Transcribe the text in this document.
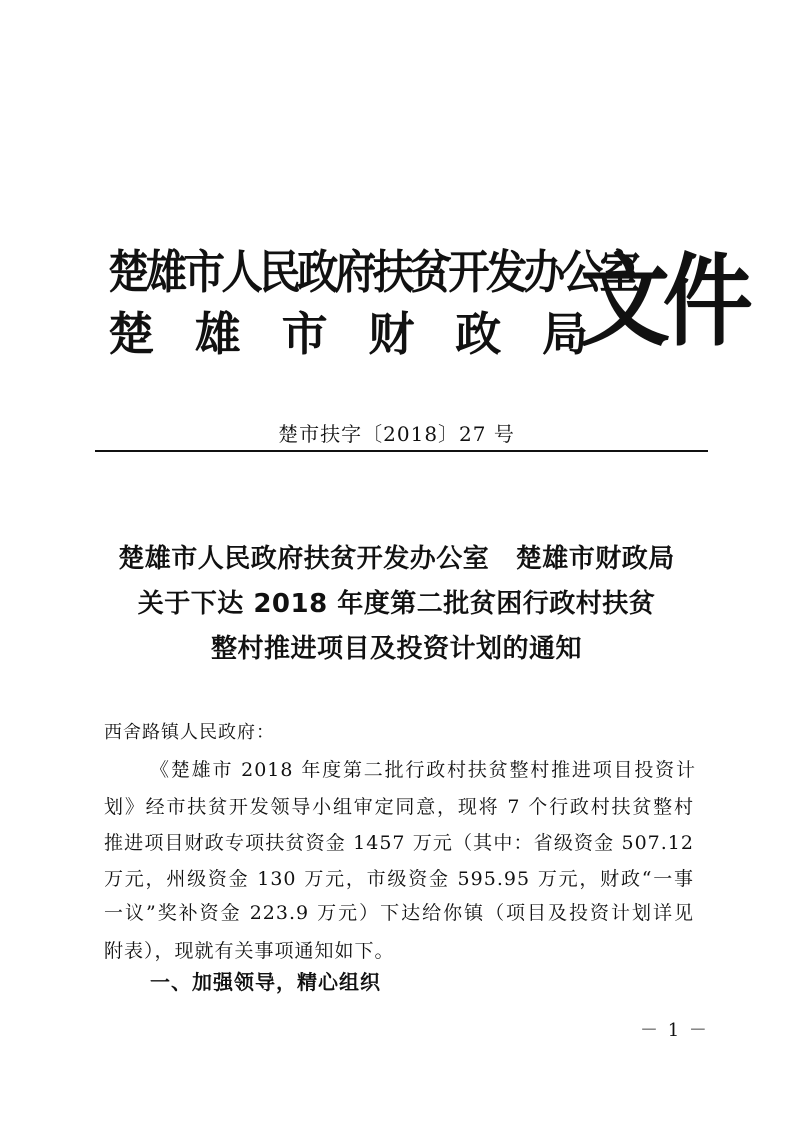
楚雄市人民政府扶贫开发办公室
楚 雄 市 财 政 局
文件
楚市扶字〔2018〕27 号
楚雄市人民政府扶贫开发办公室　楚雄市财政局
关于下达 2018 年度第二批贫困行政村扶贫
整村推进项目及投资计划的通知
西舍路镇人民政府：
《楚雄市 2018 年度第二批行政村扶贫整村推进项目投资计
划》经市扶贫开发领导小组审定同意，现将 7 个行政村扶贫整村
推进项目财政专项扶贫资金 1457 万元（其中：省级资金 507.12
万元，州级资金 130 万元，市级资金 595.95 万元，财政“一事
一议”奖补资金 223.9 万元）下达给你镇（项目及投资计划详见
附表），现就有关事项通知如下。
一、加强领导，精心组织
－ 1 －
